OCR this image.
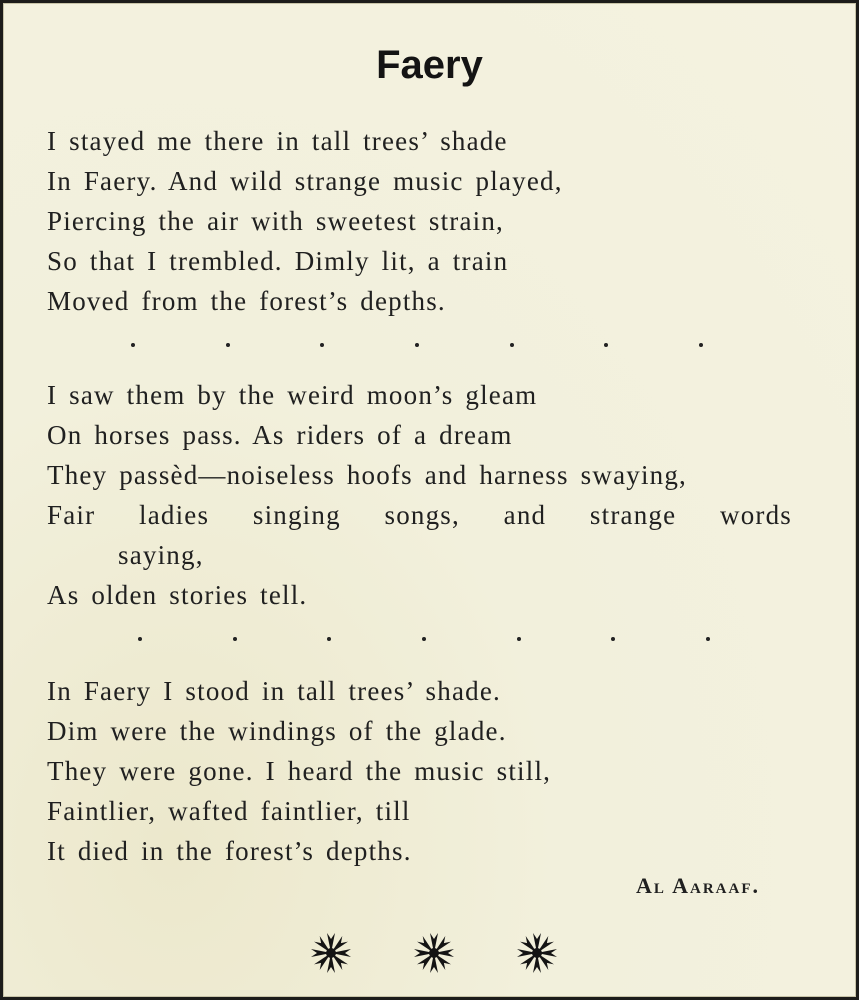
Faery
I stayed me there in tall trees’ shade
In Faery. And wild strange music played,
Piercing the air with sweetest strain,
So that I trembled. Dimly lit, a train
Moved from the forest’s depths.
I saw them by the weird moon’s gleam
On horses pass. As riders of a dream
They passèd—noiseless hoofs and harness swaying,
Fair ladies singing songs, and strange words
saying,
As olden stories tell.
In Faery I stood in tall trees’ shade.
Dim were the windings of the glade.
They were gone. I heard the music still,
Faintlier, wafted faintlier, till
It died in the forest’s depths.
Al Aaraaf.
